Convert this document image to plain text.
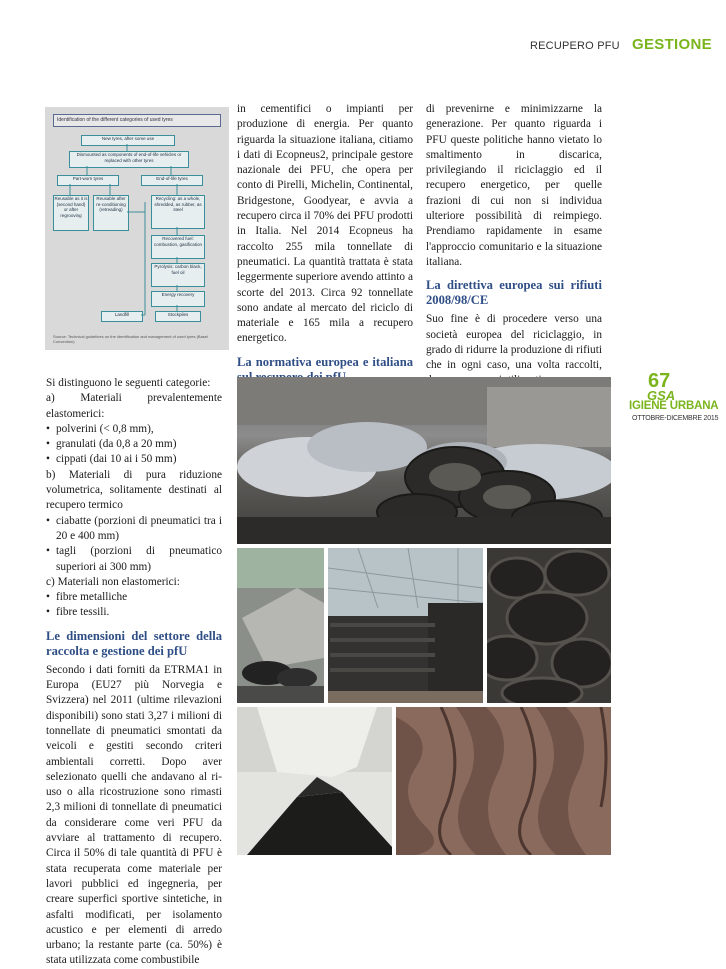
RECUPERO PFU GESTIONE
Identification of the different categories of used tyres
New tyres, after some use
Dismounted as components of end-of-life vehicles or replaced with other tyres
Part-worn tyres	End-of-life tyres
Reusable as it is (second hand) or after regrooving
Reusable after re-conditioning (retreading)
Recycling: as a whole, shredded, as rubber, as steel
Recovered fuel: combustion, gasification
Pyrolysis: carbon black, fuel oil
Energy recovery
Landfill	Stockpiles
Source: Technical guidelines on the identification and management of used tyres (Basel Convention)

Si distinguono le seguenti categorie:

a) Materiali prevalentemente elastomerici:

• polverini (< 0,8 mm),
• granulati (da 0,8 a 20 mm)
• cippati (dai 10 ai i 50 mm)

b) Materiali di pura riduzione volumetrica, solitamente destinati al recupero termico

• ciabatte (porzioni di pneumatici tra i 20 e 400 mm)
• tagli (porzioni di pneumatico superiori ai 300 mm)

c) Materiali non elastomerici:

• fibre metalliche
• fibre tessili.
Le dimensioni del settore della raccolta e gestione dei pfU

Secondo i dati forniti da ETRMA1 in Europa (EU27 più Norvegia e Svizzera) nel 2011 (ultime rilevazioni disponibili) sono stati 3,27 i milioni di tonnellate di pneumatici smontati da veicoli e gestiti secondo criteri ambientali corretti. Dopo aver selezionato quelli che andavano al ri-uso o alla ricostruzione sono rimasti 2,3 milioni di tonnellate di pneumatici da considerare come veri PFU da avviare al trattamento di recupero. Circa il 50% di tale quantità di PFU è stata recuperata come materiale per lavori pubblici ed ingegneria, per creare superfici sportive sintetiche, in asfalti modificati, per isolamento acustico e per elementi di arredo urbano; la restante parte (ca. 50%) è stata utilizzata come combustibile

in cementifici o impianti per produzione di energia. Per quanto riguarda la situazione italiana, citiamo i dati di Ecopneus2, principale gestore nazionale dei PFU, che opera per conto di Pirelli, Michelin, Continental, Bridgestone, Goodyear, e avvia a recupero circa il 70% dei PFU prodotti in Italia. Nel 2014 Ecopneus ha raccolto 255 mila tonnellate di pneumatici. La quantità trattata è stata leggermente superiore avendo attinto a scorte del 2013. Circa 92 tonnellate sono andate al mercato del riciclo di materiale e 165 mila a recupero energetico.

La normativa europea e italiana

di prevenirne e minimizzarne la generazione. Per quanto riguarda i PFU queste politiche hanno vietato lo smaltimento in discarica, privilegiando il riciclaggio ed il recupero energetico, per quelle frazioni di cui non si individua ulteriore possibilità di reimpiego. Prendiamo rapidamente in esame l'approccio comunitario e la situazione italiana.

La direttiva europea sui rifiuti 2008/98/CE

Suo fine è di procedere verso una società europea del riciclaggio, in grado di ridurre la produzione di rifiuti che in ogni caso, una volta raccolti,

67
GSA
IGIENE URBANA
OTTOBRE-DICEMBRE 2015
